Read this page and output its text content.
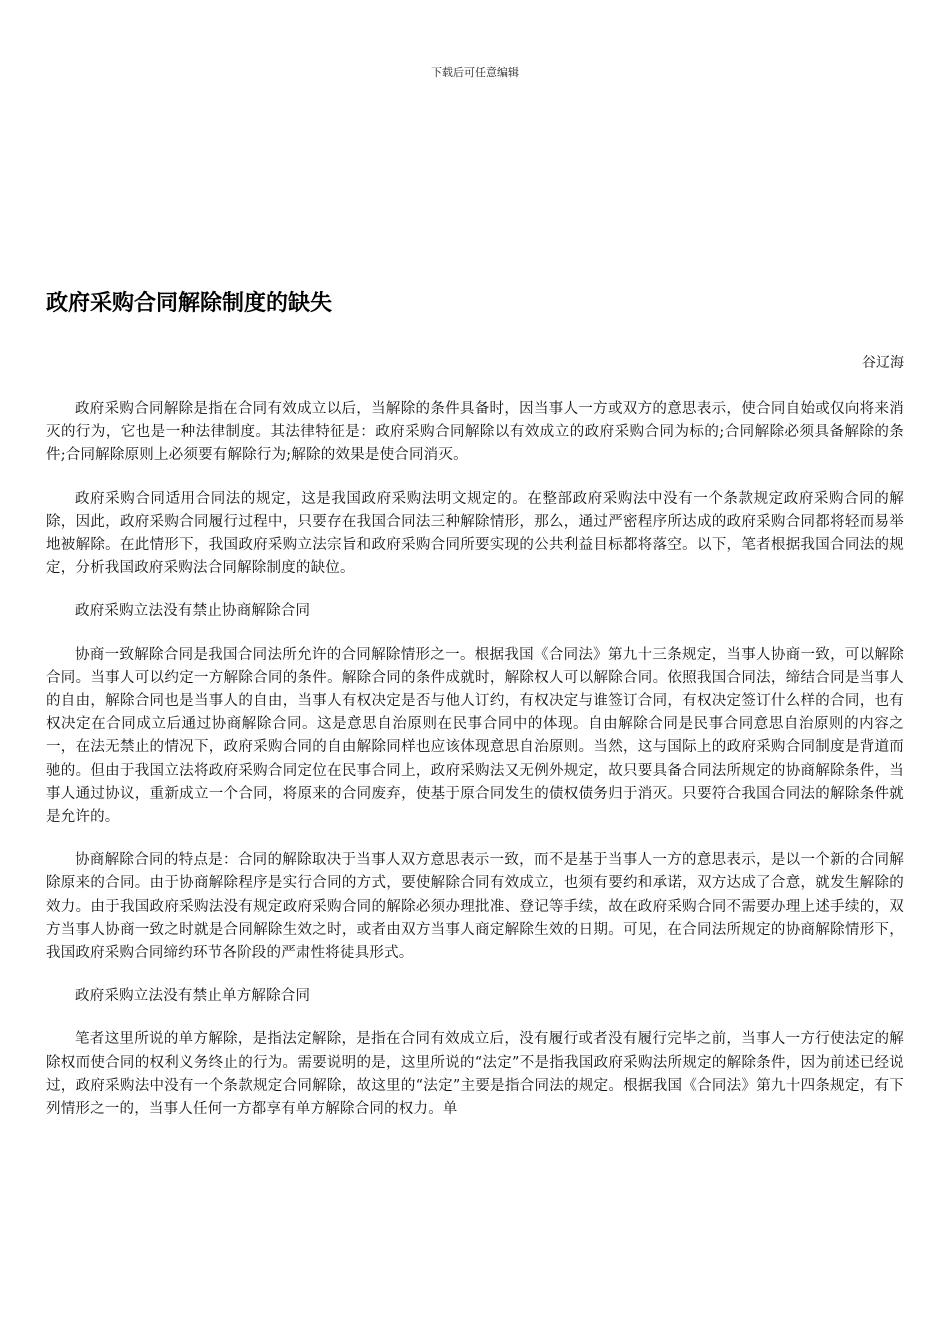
下载后可任意编辑
政府采购合同解除制度的缺失
谷辽海

政府采购合同解除是指在合同有效成立以后，当解除的条件具备时，因当事人一方或双方的意思表示，使合同自始或仅向将来消灭的行为，它也是一种法律制度。其法律特征是：政府采购合同解除以有效成立的政府采购合同为标的;合同解除必须具备解除的条件;合同解除原则上必须要有解除行为;解除的效果是使合同消灭。

政府采购合同适用合同法的规定，这是我国政府采购法明文规定的。在整部政府采购法中没有一个条款规定政府采购合同的解除，因此，政府采购合同履行过程中，只要存在我国合同法三种解除情形，那么，通过严密程序所达成的政府采购合同都将轻而易举地被解除。在此情形下，我国政府采购立法宗旨和政府采购合同所要实现的公共利益目标都将落空。以下，笔者根据我国合同法的规定，分析我国政府采购法合同解除制度的缺位。

政府采购立法没有禁止协商解除合同

协商一致解除合同是我国合同法所允许的合同解除情形之一。根据我国《合同法》第九十三条规定，当事人协商一致，可以解除合同。当事人可以约定一方解除合同的条件。解除合同的条件成就时，解除权人可以解除合同。依照我国合同法，缔结合同是当事人的自由，解除合同也是当事人的自由，当事人有权决定是否与他人订约，有权决定与谁签订合同，有权决定签订什么样的合同，也有权决定在合同成立后通过协商解除合同。这是意思自治原则在民事合同中的体现。自由解除合同是民事合同意思自治原则的内容之一，在法无禁止的情况下，政府采购合同的自由解除同样也应该体现意思自治原则。当然，这与国际上的政府采购合同制度是背道而驰的。但由于我国立法将政府采购合同定位在民事合同上，政府采购法又无例外规定，故只要具备合同法所规定的协商解除条件，当事人通过协议，重新成立一个合同，将原来的合同废弃，使基于原合同发生的债权债务归于消灭。只要符合我国合同法的解除条件就是允许的。

协商解除合同的特点是：合同的解除取决于当事人双方意思表示一致，而不是基于当事人一方的意思表示，是以一个新的合同解除原来的合同。由于协商解除程序是实行合同的方式，要使解除合同有效成立，也须有要约和承诺，双方达成了合意，就发生解除的效力。由于我国政府采购法没有规定政府采购合同的解除必须办理批准、登记等手续，故在政府采购合同不需要办理上述手续的，双方当事人协商一致之时就是合同解除生效之时，或者由双方当事人商定解除生效的日期。可见，在合同法所规定的协商解除情形下，我国政府采购合同缔约环节各阶段的严肃性将徒具形式。

政府采购立法没有禁止单方解除合同

笔者这里所说的单方解除，是指法定解除，是指在合同有效成立后，没有履行或者没有履行完毕之前，当事人一方行使法定的解除权而使合同的权利义务终止的行为。需要说明的是，这里所说的“法定”不是指我国政府采购法所规定的解除条件，因为前述已经说过，政府采购法中没有一个条款规定合同解除，故这里的“法定”主要是指合同法的规定。根据我国《合同法》第九十四条规定，有下列情形之一的，当事人任何一方都享有单方解除合同的权力。单
